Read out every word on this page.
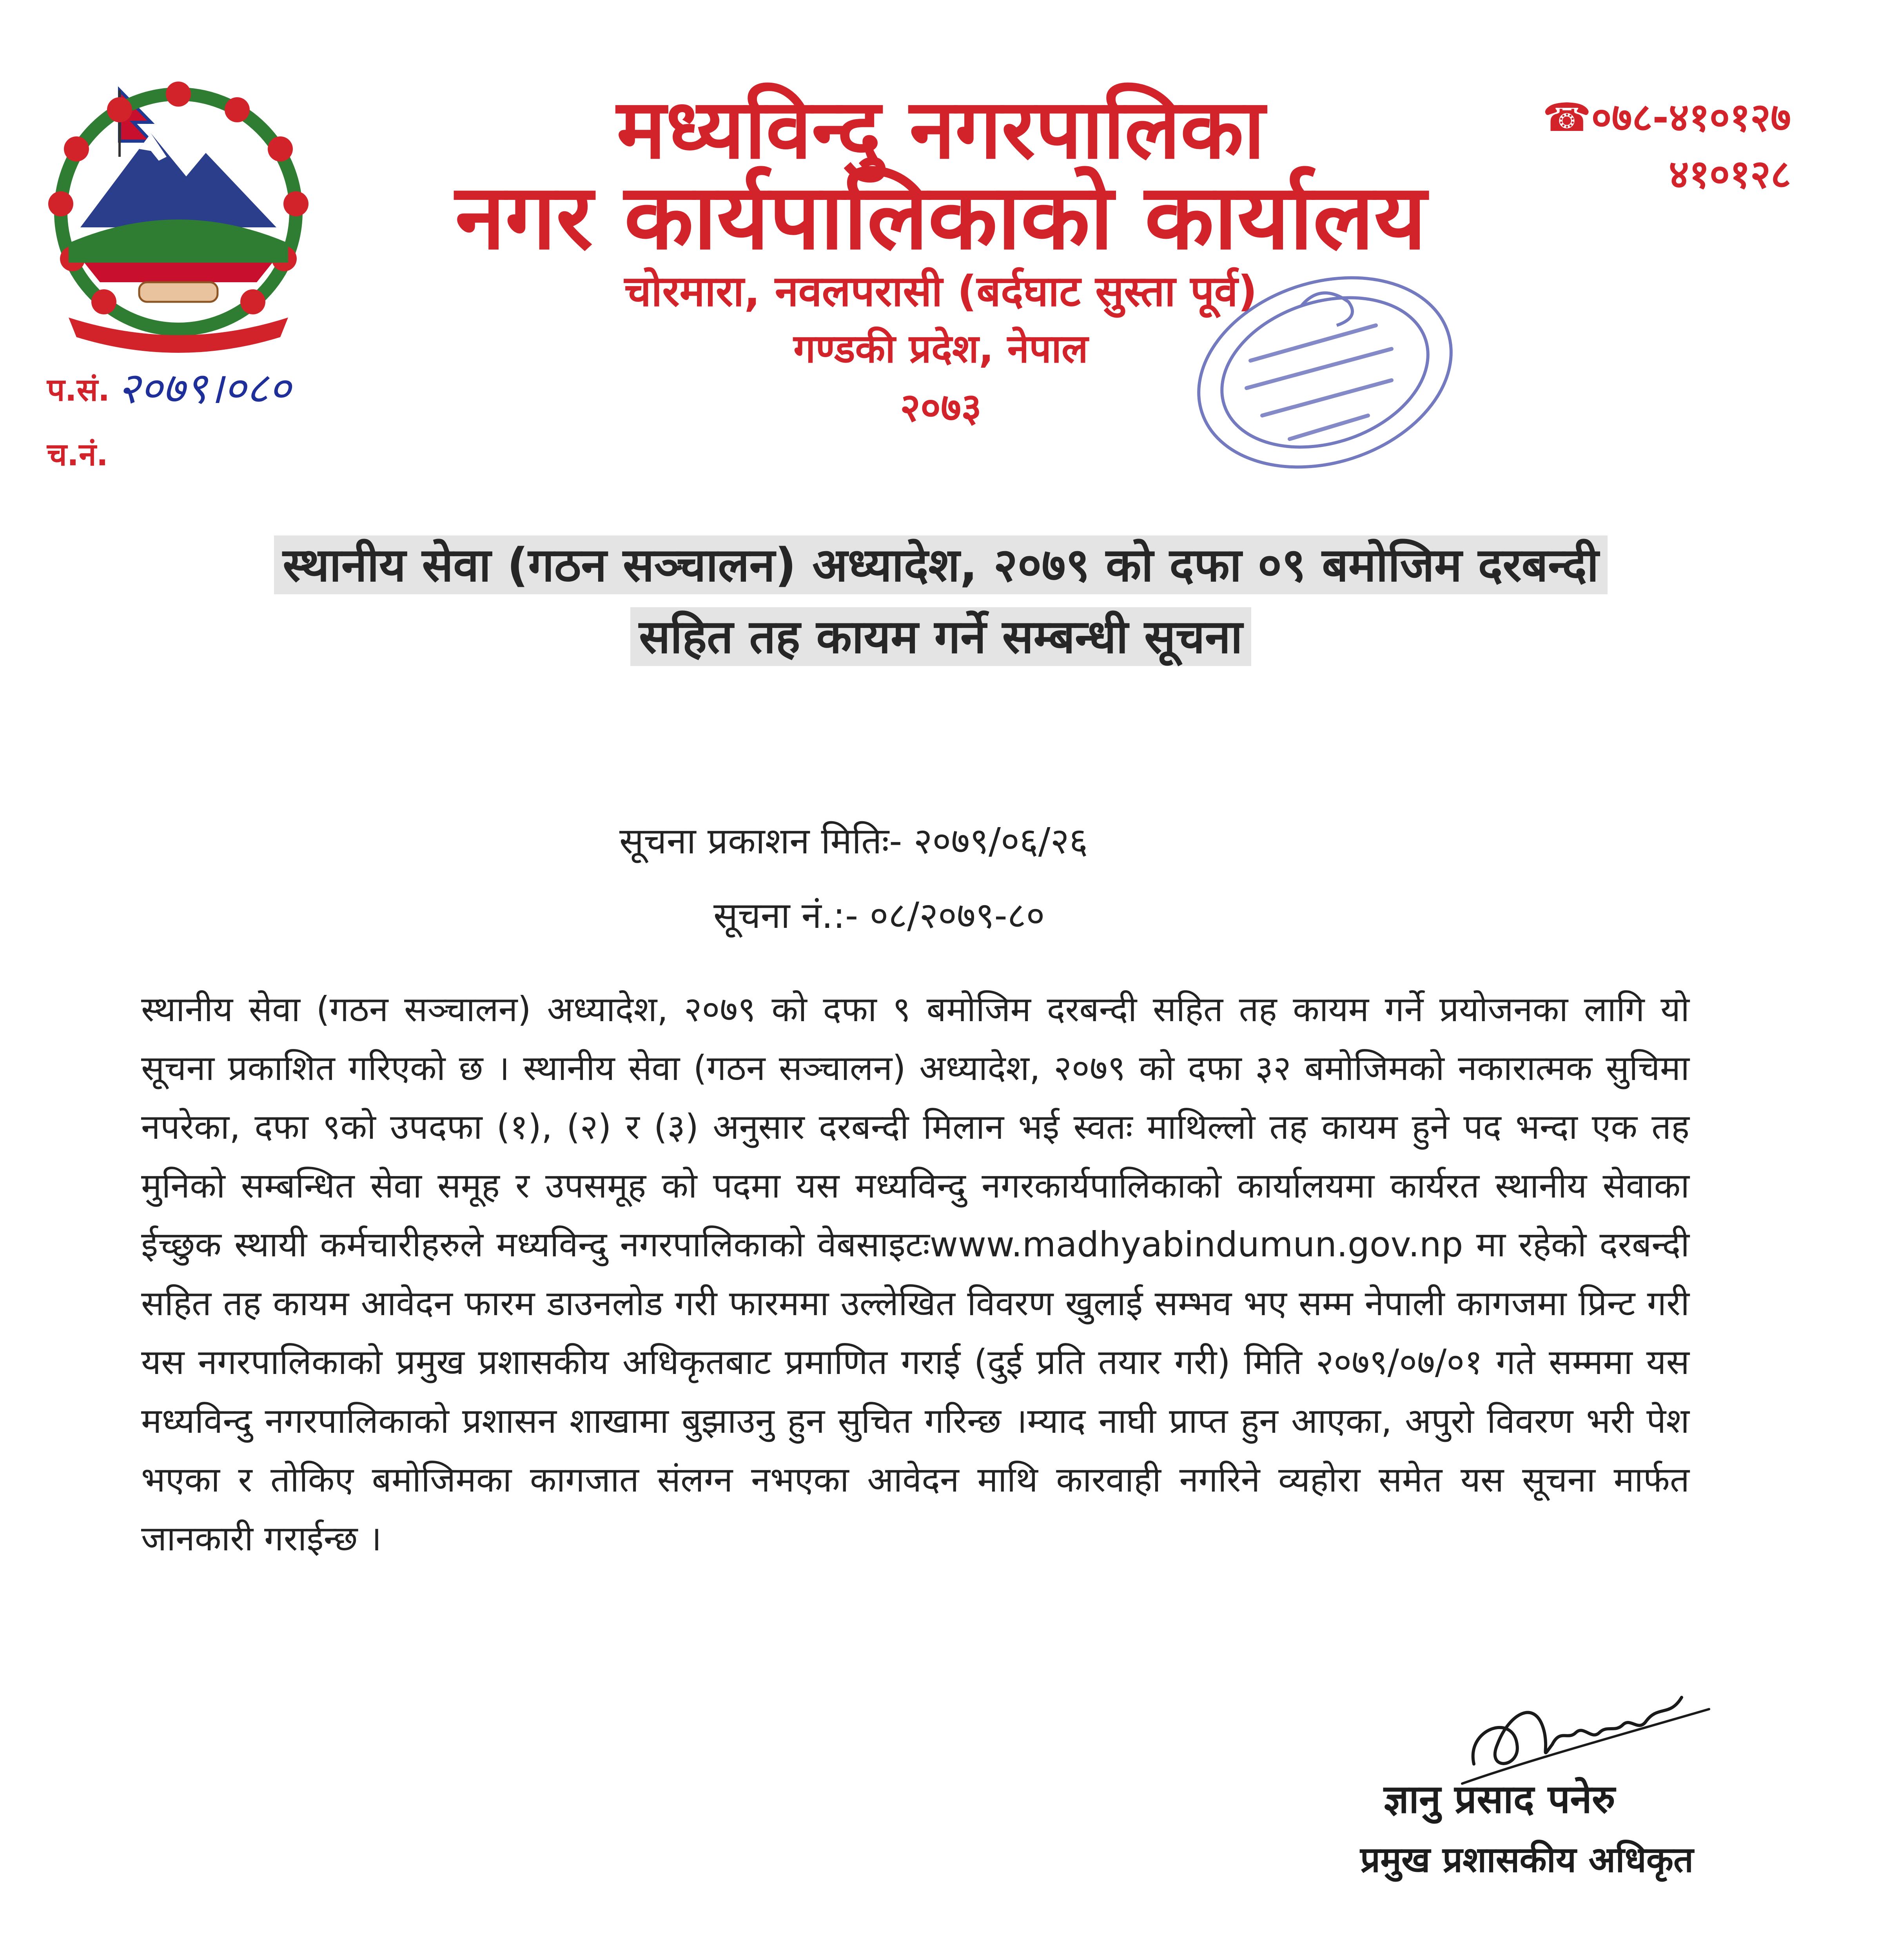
मध्यविन्दु नगरपालिका
नगर कार्यपालिकाको कार्यालय
चोरमारा, नवलपरासी (बर्दघाट सुस्ता पूर्व)
गण्डकी प्रदेश, नेपाल
२०७३
☎०७८-४१०१२७
४१०१२८
प.सं. २०७९।०८०
च.नं.
स्थानीय सेवा (गठन सञ्चालन) अध्यादेश, २०७९ को दफा ०९ बमोजिम दरबन्दी
सहित तह कायम गर्ने सम्बन्धी सूचना
सूचना प्रकाशन मितिः- २०७९/०६/२६
सूचना नं.:- ०८/२०७९-८०
स्थानीय सेवा (गठन सञ्चालन) अध्यादेश, २०७९ को दफा ९ बमोजिम दरबन्दी सहित तह कायम गर्ने प्रयोजनका लागि यो सूचना प्रकाशित गरिएको छ । स्थानीय सेवा (गठन सञ्चालन) अध्यादेश, २०७९ को दफा ३२ बमोजिमको नकारात्मक सुचिमा नपरेका, दफा ९को उपदफा (१), (२) र (३) अनुसार दरबन्दी मिलान भई स्वतः माथिल्लो तह कायम हुने पद भन्दा एक तह मुनिको सम्बन्धित सेवा समूह र उपसमूह को पदमा यस मध्यविन्दु नगरकार्यपालिकाको कार्यालयमा कार्यरत स्थानीय सेवाका ईच्छुक स्थायी कर्मचारीहरुले मध्यविन्दु नगरपालिकाको वेबसाइटःwww.madhyabindumun.gov.np मा रहेको दरबन्दी सहित तह कायम आवेदन फारम डाउनलोड गरी फारममा उल्लेखित विवरण खुलाई सम्भव भए सम्म नेपाली कागजमा प्रिन्ट गरी यस नगरपालिकाको प्रमुख प्रशासकीय अधिकृतबाट प्रमाणित गराई (दुई प्रति तयार गरी) मिति २०७९/०७/०१ गते सम्ममा यस मध्यविन्दु नगरपालिकाको प्रशासन शाखामा बुझाउनु हुन सुचित गरिन्छ ।म्याद नाघी प्राप्त हुन आएका, अपुरो विवरण भरी पेश भएका र तोकिए बमोजिमका कागजात संलग्न नभएका आवेदन माथि कारवाही नगरिने व्यहोरा समेत यस सूचना मार्फत जानकारी गराईन्छ ।
ज्ञानु प्रसाद पनेरु
प्रमुख प्रशासकीय अधिकृत
